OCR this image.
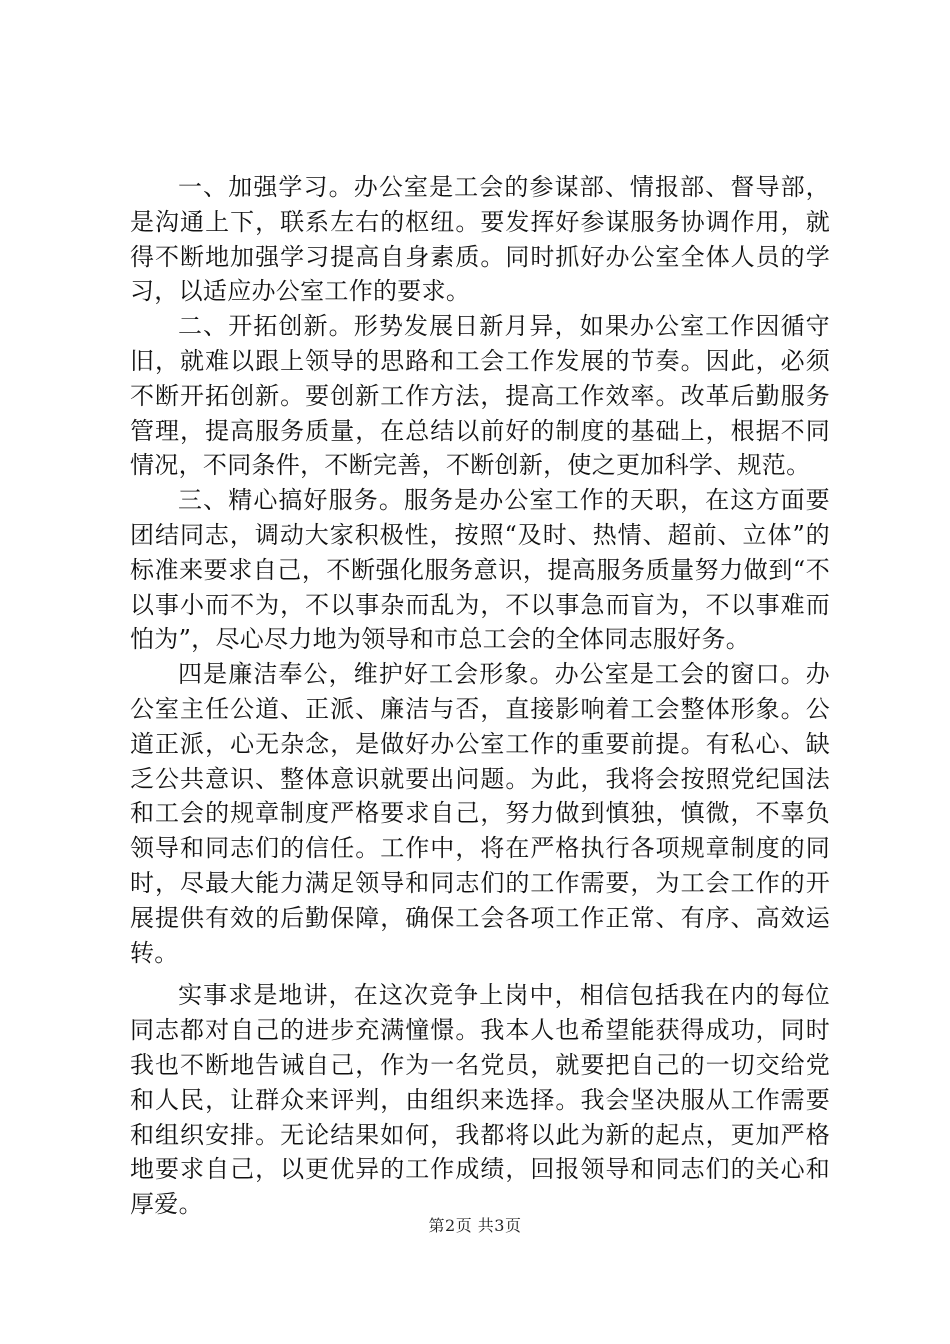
一、加强学习。办公室是工会的参谋部、情报部、督导部，是沟通上下，联系左右的枢纽。要发挥好参谋服务协调作用，就得不断地加强学习提高自身素质。同时抓好办公室全体人员的学习，以适应办公室工作的要求。

二、开拓创新。形势发展日新月异，如果办公室工作因循守旧，就难以跟上领导的思路和工会工作发展的节奏。因此，必须不断开拓创新。要创新工作方法，提高工作效率。改革后勤服务管理，提高服务质量，在总结以前好的制度的基础上，根据不同情况，不同条件，不断完善，不断创新，使之更加科学、规范。

三、精心搞好服务。服务是办公室工作的天职，在这方面要团结同志，调动大家积极性，按照“及时、热情、超前、立体”的标准来要求自己，不断强化服务意识，提高服务质量努力做到“不以事小而不为，不以事杂而乱为，不以事急而盲为，不以事难而怕为”，尽心尽力地为领导和市总工会的全体同志服好务。

四是廉洁奉公，维护好工会形象。办公室是工会的窗口。办公室主任公道、正派、廉洁与否，直接影响着工会整体形象。公道正派，心无杂念，是做好办公室工作的重要前提。有私心、缺乏公共意识、整体意识就要出问题。为此，我将会按照党纪国法和工会的规章制度严格要求自己，努力做到慎独，慎微，不辜负领导和同志们的信任。工作中，将在严格执行各项规章制度的同时，尽最大能力满足领导和同志们的工作需要，为工会工作的开展提供有效的后勤保障，确保工会各项工作正常、有序、高效运转。

实事求是地讲，在这次竞争上岗中，相信包括我在内的每位同志都对自己的进步充满憧憬。我本人也希望能获得成功，同时我也不断地告诫自己，作为一名党员，就要把自己的一切交给党和人民，让群众来评判，由组织来选择。我会坚决服从工作需要和组织安排。无论结果如何，我都将以此为新的起点，更加严格地要求自己，以更优异的工作成绩，回报领导和同志们的关心和厚爱。

第2页 共3页
